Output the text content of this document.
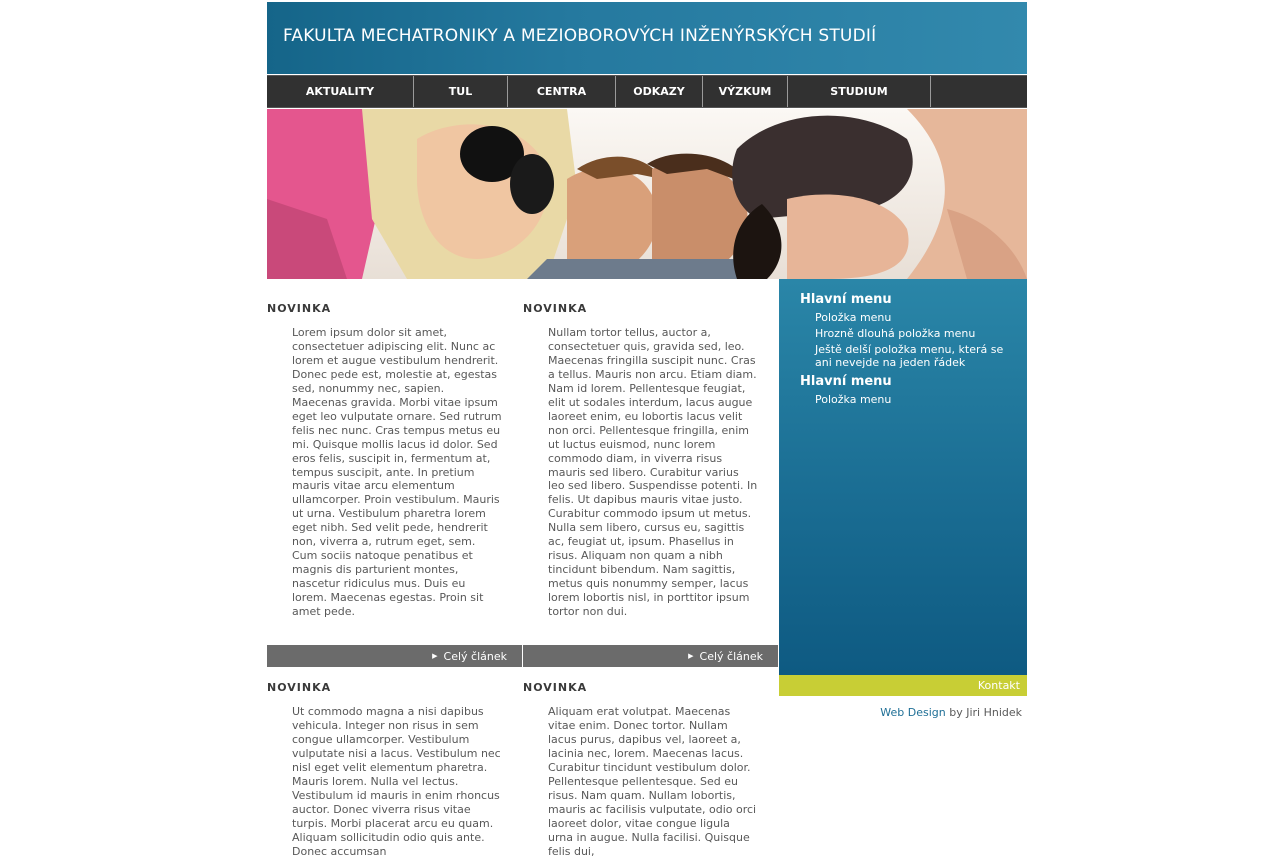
FAKULTA MECHATRONIKY A MEZIOBOROVÝCH INŽENÝRSKÝCH STUDIÍ
AKTUALITY	TUL	CENTRA	ODKAZY	VÝZKUM	STUDIUM
NOVINKA
Lorem ipsum dolor sit amet, consectetuer adipiscing elit. Nunc ac lorem et augue vestibulum hendrerit. Donec pede est, molestie at, egestas sed, nonummy nec, sapien. Maecenas gravida. Morbi vitae ipsum eget leo vulputate ornare. Sed rutrum felis nec nunc. Cras tempus metus eu mi. Quisque mollis lacus id dolor. Sed eros felis, suscipit in, fermentum at, tempus suscipit, ante. In pretium mauris vitae arcu elementum ullamcorper. Proin vestibulum. Mauris ut urna. Vestibulum pharetra lorem eget nibh. Sed velit pede, hendrerit non, viverra a, rutrum eget, sem. Cum sociis natoque penatibus et magnis dis parturient montes, nascetur ridiculus mus. Duis eu lorem. Maecenas egestas. Proin sit amet pede.
▶ Celý článek
NOVINKA
Nullam tortor tellus, auctor a, consectetuer quis, gravida sed, leo. Maecenas fringilla suscipit nunc. Cras a tellus. Mauris non arcu. Etiam diam. Nam id lorem. Pellentesque feugiat, elit ut sodales interdum, lacus augue laoreet enim, eu lobortis lacus velit non orci. Pellentesque fringilla, enim ut luctus euismod, nunc lorem commodo diam, in viverra risus mauris sed libero. Curabitur varius leo sed libero. Suspendisse potenti. In felis. Ut dapibus mauris vitae justo. Curabitur commodo ipsum ut metus. Nulla sem libero, cursus eu, sagittis ac, feugiat ut, ipsum. Phasellus in risus. Aliquam non quam a nibh tincidunt bibendum. Nam sagittis, metus quis nonummy semper, lacus lorem lobortis nisl, in porttitor ipsum tortor non dui.
▶ Celý článek
NOVINKA
Ut commodo magna a nisi dapibus vehicula. Integer non risus in sem congue ullamcorper. Vestibulum vulputate nisi a lacus. Vestibulum nec nisl eget velit elementum pharetra. Mauris lorem. Nulla vel lectus. Vestibulum id mauris in enim rhoncus auctor. Donec viverra risus vitae turpis. Morbi placerat arcu eu quam. Aliquam sollicitudin odio quis ante. Donec accumsan
NOVINKA
Aliquam erat volutpat. Maecenas vitae enim. Donec tortor. Nullam lacus purus, dapibus vel, laoreet a, lacinia nec, lorem. Maecenas lacus. Curabitur tincidunt vestibulum dolor. Pellentesque pellentesque. Sed eu risus. Nam quam. Nullam lobortis, mauris ac facilisis vulputate, odio orci laoreet dolor, vitae congue ligula urna in augue. Nulla facilisi. Quisque felis dui,
Hlavní menu
Položka menu
Hrozně dlouhá položka menu
Ještě delší položka menu, která se ani nevejde na jeden řádek
Hlavní menu
Položka menu
Kontakt
Web Design by Jiri Hnidek
